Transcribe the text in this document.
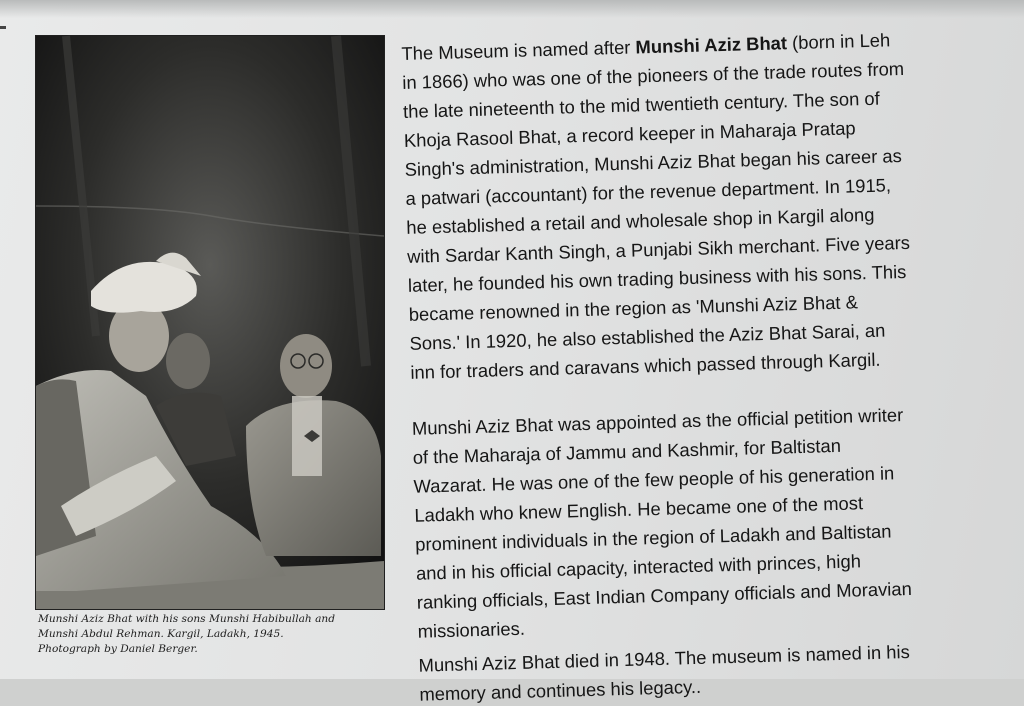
Munshi Aziz Bhat with his sons Munshi Habibullah and
Munshi Abdul Rehman. Kargil, Ladakh, 1945.
Photograph by Daniel Berger.
The Museum is named after Munshi Aziz Bhat (born in Leh
in 1866) who was one of the pioneers of the trade routes from
the late nineteenth to the mid twentieth century. The son of
Khoja Rasool Bhat, a record keeper in Maharaja Pratap
Singh's administration, Munshi Aziz Bhat began his career as
a patwari (accountant) for the revenue department. In 1915,
he established a retail and wholesale shop in Kargil along
with Sardar Kanth Singh, a Punjabi Sikh merchant. Five years
later, he founded his own trading business with his sons. This
became renowned in the region as 'Munshi Aziz Bhat &
Sons.' In 1920, he also established the Aziz Bhat Sarai, an
inn for traders and caravans which passed through Kargil.
Munshi Aziz Bhat was appointed as the official petition writer
of the Maharaja of Jammu and Kashmir, for Baltistan
Wazarat. He was one of the few people of his generation in
Ladakh who knew English. He became one of the most
prominent individuals in the region of Ladakh and Baltistan
and in his official capacity, interacted with princes, high
ranking officials, East Indian Company officials and Moravian
missionaries.
Munshi Aziz Bhat died in 1948. The museum is named in his
memory and continues his legacy..
